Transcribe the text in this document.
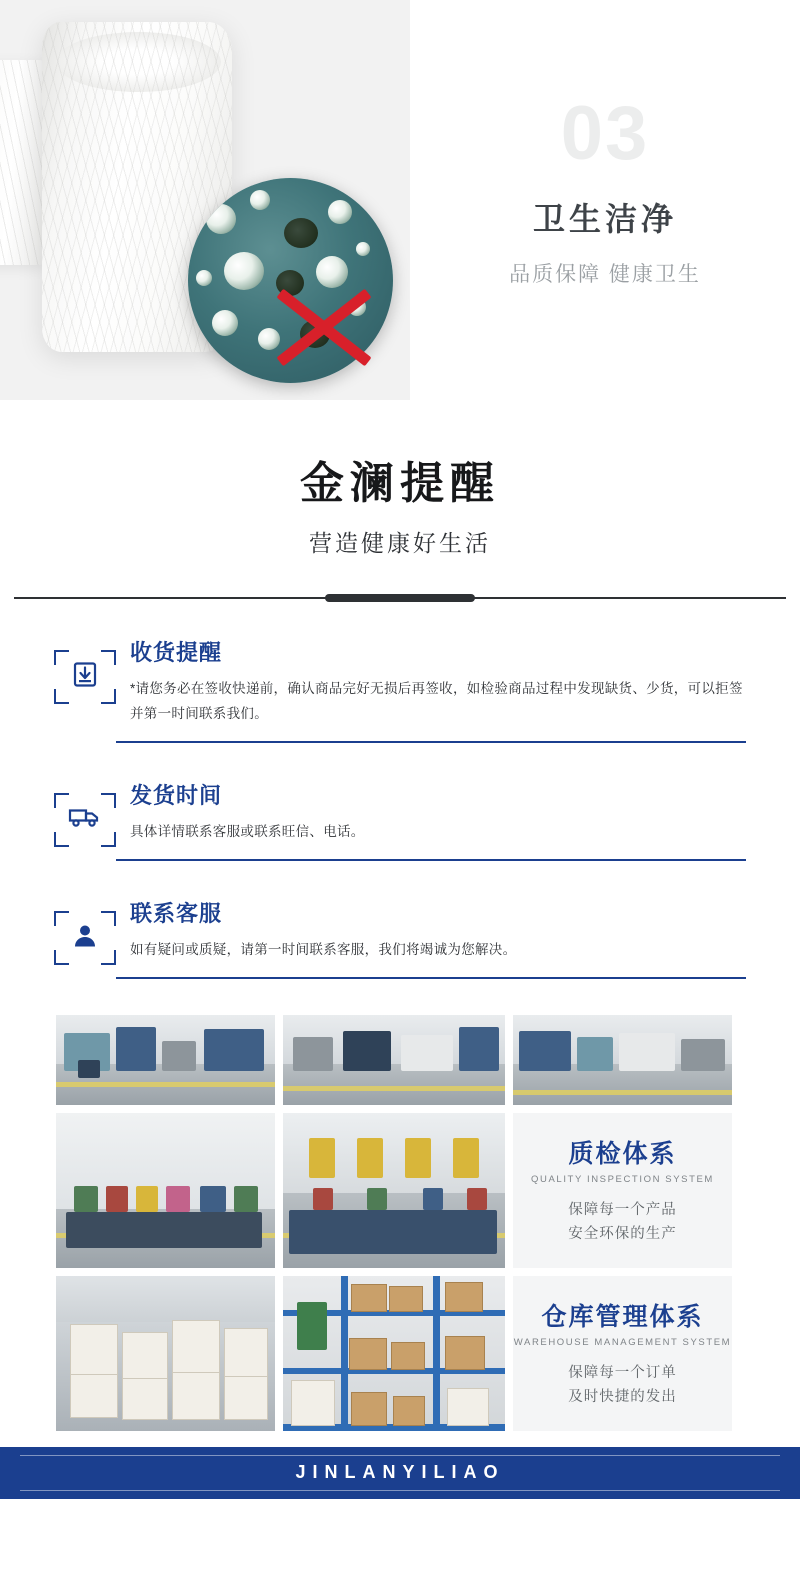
03
卫生洁净
品质保障 健康卫生
金澜提醒
营造健康好生活
收货提醒
*请您务必在签收快递前，确认商品完好无损后再签收，如检验商品过程中发现缺货、少货，可以拒签并第一时间联系我们。
发货时间
具体详情联系客服或联系旺信、电话。
联系客服
如有疑问或质疑，请第一时间联系客服，我们将竭诚为您解决。
质检体系
QUALITY INSPECTION SYSTEM
保障每一个产品
安全环保的生产
仓库管理体系
WAREHOUSE MANAGEMENT SYSTEM
保障每一个订单
及时快捷的发出
JINLANYILIAO
